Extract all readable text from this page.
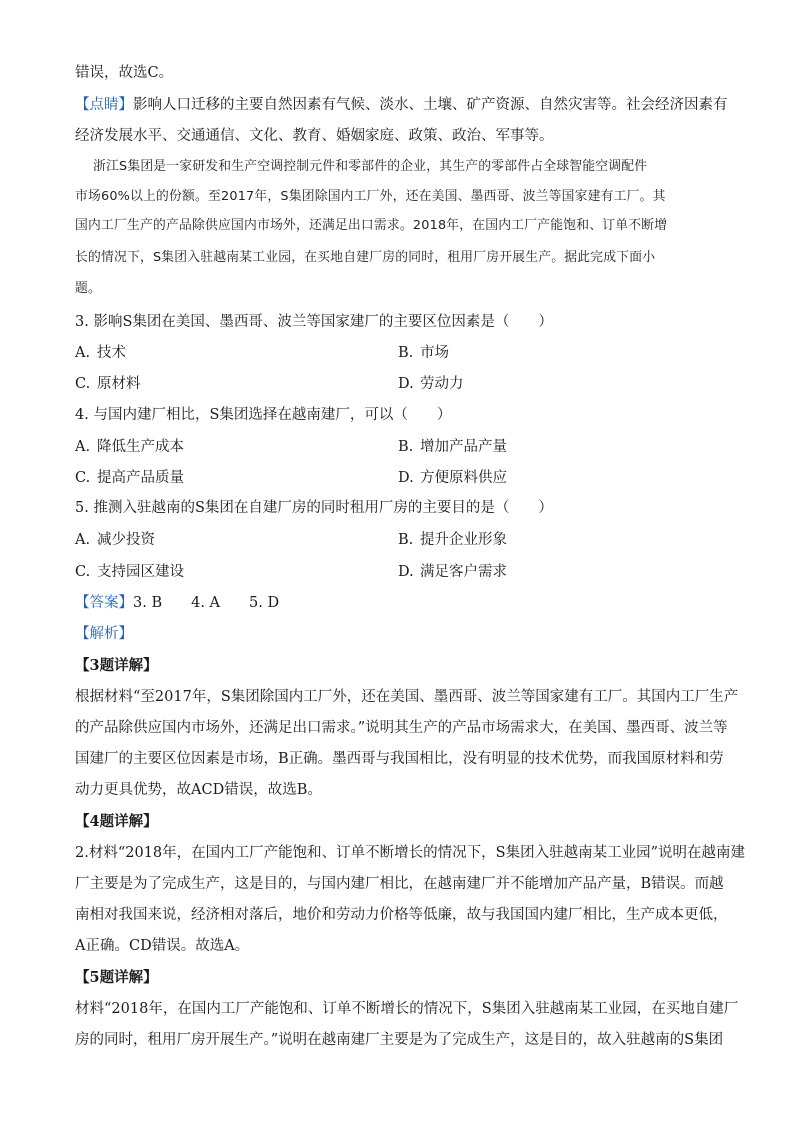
错误，故选C。
【点睛】影响人口迁移的主要自然因素有气候、淡水、土壤、矿产资源、自然灾害等。社会经济因素有
经济发展水平、交通通信、文化、教育、婚姻家庭、政策、政治、军事等。
浙江S集团是一家研发和生产空调控制元件和零部件的企业，其生产的零部件占全球智能空调配件
市场60%以上的份额。至2017年，S集团除国内工厂外，还在美国、墨西哥、波兰等国家建有工厂。其
国内工厂生产的产品除供应国内市场外，还满足出口需求。2018年，在国内工厂产能饱和、订单不断增
长的情况下，S集团入驻越南某工业园，在买地自建厂房的同时，租用厂房开展生产。据此完成下面小
题。
3. 影响S集团在美国、墨西哥、波兰等国家建厂的主要区位因素是（　　）
A. 技术	B. 市场
C. 原材料	D. 劳动力
4. 与国内建厂相比，S集团选择在越南建厂，可以（　　）
A. 降低生产成本	B. 增加产品产量
C. 提高产品质量	D. 方便原料供应
5. 推测入驻越南的S集团在自建厂房的同时租用厂房的主要目的是（　　）
A. 减少投资	B. 提升企业形象
C. 支持园区建设	D. 满足客户需求
【答案】3. B　　4. A　　5. D
【解析】
【3题详解】
根据材料“至2017年，S集团除国内工厂外，还在美国、墨西哥、波兰等国家建有工厂。其国内工厂生产
的产品除供应国内市场外，还满足出口需求。”说明其生产的产品市场需求大，在美国、墨西哥、波兰等
国建厂的主要区位因素是市场，B正确。墨西哥与我国相比，没有明显的技术优势，而我国原材料和劳
动力更具优势，故ACD错误，故选B。
【4题详解】
2.材料“2018年，在国内工厂产能饱和、订单不断增长的情况下，S集团入驻越南某工业园”说明在越南建
厂主要是为了完成生产，这是目的，与国内建厂相比，在越南建厂并不能增加产品产量，B错误。而越
南相对我国来说，经济相对落后，地价和劳动力价格等低廉，故与我国国内建厂相比，生产成本更低，
A正确。CD错误。故选A。
【5题详解】
材料“2018年，在国内工厂产能饱和、订单不断增长的情况下，S集团入驻越南某工业园，在买地自建厂
房的同时，租用厂房开展生产。”说明在越南建厂主要是为了完成生产，这是目的，故入驻越南的S集团
